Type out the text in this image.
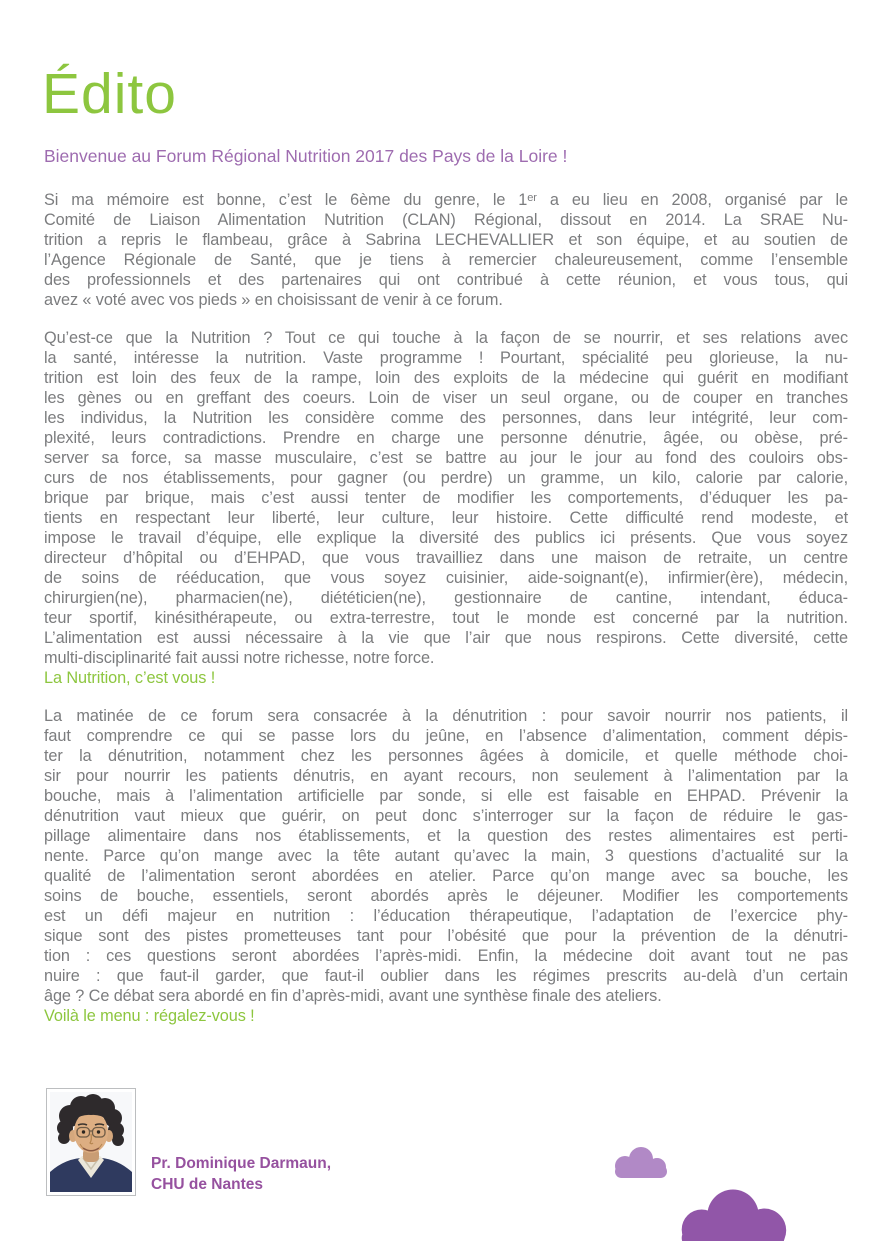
Édito
Bienvenue au Forum Régional Nutrition 2017 des Pays de la Loire !
Si ma mémoire est bonne, c’est le 6ème du genre, le 1ᵉʳ a eu lieu en 2008, organisé par le
Comité de Liaison Alimentation Nutrition (CLAN) Régional, dissout en 2014. La SRAE Nu-
trition a repris le flambeau, grâce à Sabrina LECHEVALLIER et son équipe, et au soutien de
l’Agence Régionale de Santé, que je tiens à remercier chaleureusement, comme l’ensemble
des professionnels et des partenaires qui ont contribué à cette réunion, et vous tous, qui
avez « voté avec vos pieds » en choisissant de venir à ce forum.
Qu’est-ce que la Nutrition ? Tout ce qui touche à la façon de se nourrir, et ses relations avec
la santé, intéresse la nutrition. Vaste programme ! Pourtant, spécialité peu glorieuse, la nu-
trition est loin des feux de la rampe, loin des exploits de la médecine qui guérit en modifiant
les gènes ou en greffant des coeurs. Loin de viser un seul organe, ou de couper en tranches
les individus, la Nutrition les considère comme des personnes, dans leur intégrité, leur com-
plexité, leurs contradictions. Prendre en charge une personne dénutrie, âgée, ou obèse, pré-
server sa force, sa masse musculaire, c’est se battre au jour le jour au fond des couloirs obs-
curs de nos établissements, pour gagner (ou perdre) un gramme, un kilo, calorie par calorie,
brique par brique, mais c’est aussi tenter de modifier les comportements, d’éduquer les pa-
tients en respectant leur liberté, leur culture, leur histoire. Cette difficulté rend modeste, et
impose le travail d’équipe, elle explique la diversité des publics ici présents. Que vous soyez
directeur d’hôpital ou d’EHPAD, que vous travailliez dans une maison de retraite, un centre
de soins de rééducation, que vous soyez cuisinier, aide-soignant(e), infirmier(ère), médecin,
chirurgien(ne), pharmacien(ne), diététicien(ne), gestionnaire de cantine, intendant, éduca-
teur sportif, kinésithérapeute, ou extra-terrestre, tout le monde est concerné par la nutrition.
L’alimentation est aussi nécessaire à la vie que l’air que nous respirons. Cette diversité, cette
multi-disciplinarité fait aussi notre richesse, notre force.
La Nutrition, c’est vous !
La matinée de ce forum sera consacrée à la dénutrition : pour savoir nourrir nos patients, il
faut comprendre ce qui se passe lors du jeûne, en l’absence d’alimentation, comment dépis-
ter la dénutrition, notamment chez les personnes âgées à domicile, et quelle méthode choi-
sir pour nourrir les patients dénutris, en ayant recours, non seulement à l’alimentation par la
bouche, mais à l’alimentation artificielle par sonde, si elle est faisable en EHPAD. Prévenir la
dénutrition vaut mieux que guérir, on peut donc s’interroger sur la façon de réduire le gas-
pillage alimentaire dans nos établissements, et la question des restes alimentaires est perti-
nente. Parce qu’on mange avec la tête autant qu’avec la main, 3 questions d’actualité sur la
qualité de l’alimentation seront abordées en atelier. Parce qu’on mange avec sa bouche, les
soins de bouche, essentiels, seront abordés après le déjeuner. Modifier les comportements
est un défi majeur en nutrition : l’éducation thérapeutique, l’adaptation de l’exercice phy-
sique sont des pistes prometteuses tant pour l’obésité que pour la prévention de la dénutri-
tion : ces questions seront abordées l’après-midi. Enfin, la médecine doit avant tout ne pas
nuire : que faut-il garder, que faut-il oublier dans les régimes prescrits au-delà d’un certain
âge ? Ce débat sera abordé en fin d’après-midi, avant une synthèse finale des ateliers.
Voilà le menu : régalez-vous !
Pr. Dominique Darmaun,
CHU de Nantes
